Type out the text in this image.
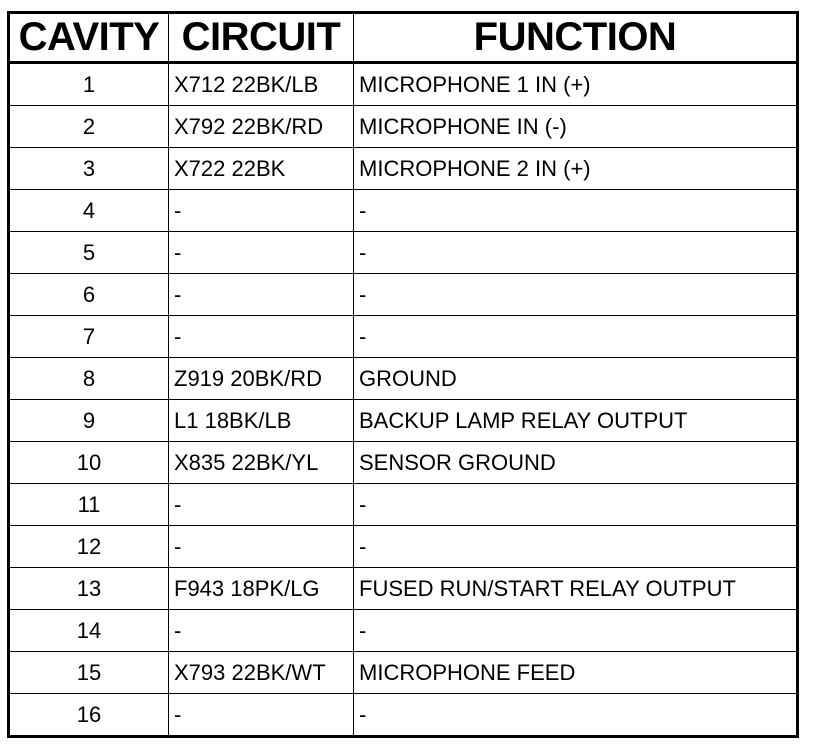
CAVITY	CIRCUIT	FUNCTION
1	X712 22BK/LB	MICROPHONE 1 IN (+)
2	X792 22BK/RD	MICROPHONE IN (-)
3	X722 22BK	MICROPHONE 2 IN (+)
4	-	-
5	-	-
6	-	-
7	-	-
8	Z919 20BK/RD	GROUND
9	L1 18BK/LB	BACKUP LAMP RELAY OUTPUT
10	X835 22BK/YL	SENSOR GROUND
11	-	-
12	-	-
13	F943 18PK/LG	FUSED RUN/START RELAY OUTPUT
14	-	-
15	X793 22BK/WT	MICROPHONE FEED
16	-	-
